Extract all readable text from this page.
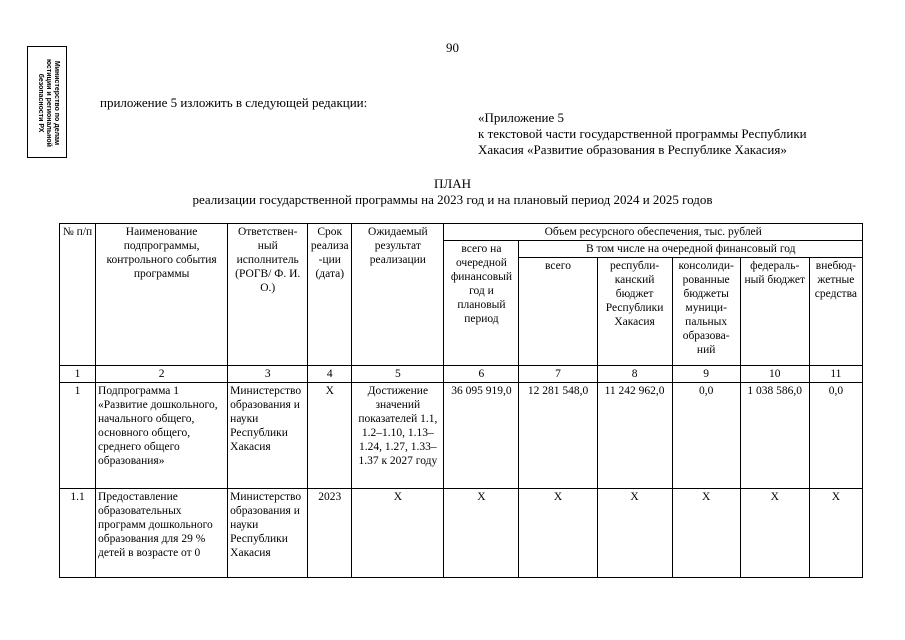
90
Министерство по делам
юстиции и региональной
безопасности РХ	приложение 5 изложить в следующей редакции:
«Приложение 5
к текстовой части государственной программы Республики
Хакасия «Развитие образования в Республике Хакасия»
ПЛАН
реализации государственной программы на 2023 год и на плановый период 2024 и 2025 годов
№ п/п	Наименование подпрограммы, контрольного события программы	Ответствен-ный исполнитель (РОГВ/ Ф. И. О.)	Срок реализа -ции (дата)	Ожидаемый результат реализации	Объем ресурсного обеспечения, тыс. рублей					
					всего на очередной финансовый год и плановый период	В том числе на очередной финансовый год				
						всего	республи-канский бюджет Республики Хакасия	консолиди-рованные бюджеты муници-пальных образова-ний	федераль-ный бюджет	внебюд-жетные средства
1	2	3	4	5	6	7	8	9	10	11
1	Подпрограмма 1 «Развитие дошкольного, начального общего, основного общего, среднего общего образования»	Министерство образования и науки Республики Хакасия	Х	Достижение значений показателей 1.1, 1.2–1.10, 1.13–1.24, 1.27, 1.33–1.37 к 2027 году	36 095 919,0	12 281 548,0	11 242 962,0	0,0	1 038 586,0	0,0
1.1	Предоставление образовательных программ дошкольного образования для 29 % детей в возрасте от 0	Министерство образования и науки Республики Хакасия	2023	Х	Х	Х	Х	Х	Х	Х
